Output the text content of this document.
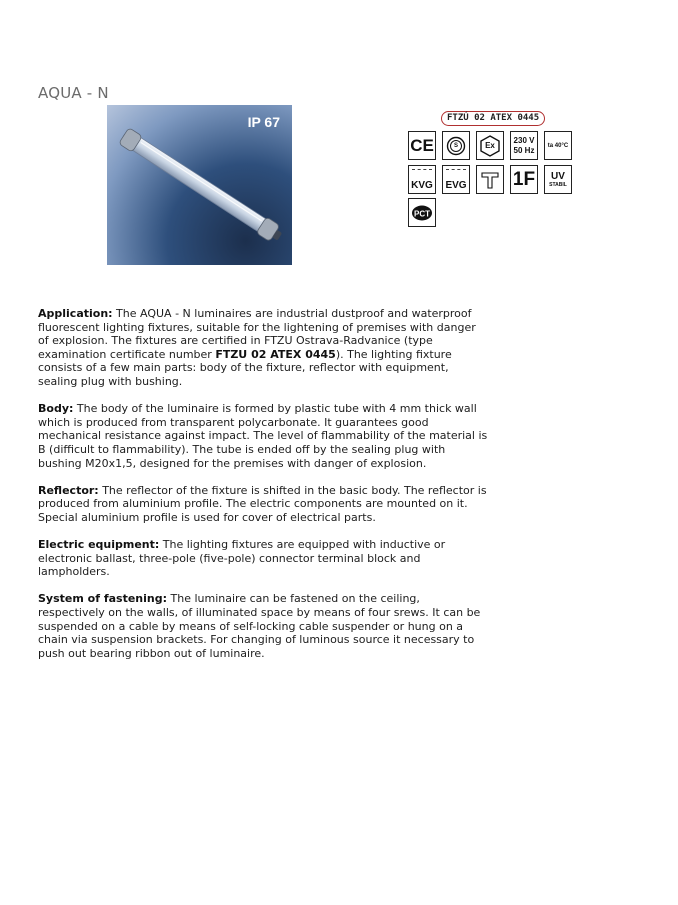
AQUA - N
IP 67	FTZÚ 02 ATEX 0445
CE	S	Ex
230 V
50 Hz ta 40°C
KVG EVG 1F UV
STABIL
PCT

Application: The AQUA - N luminaires are industrial dustproof and waterproof fluorescent lighting fixtures, suitable for the lightening of premises with danger of explosion. The fixtures are certified in FTZU Ostrava-Radvanice (type examination certificate number FTZU 02 ATEX 0445). The lighting fixture consists of a few main parts: body of the fixture, reflector with equipment, sealing plug with bushing.

Body: The body of the luminaire is formed by plastic tube with 4 mm thick wall which is produced from transparent polycarbonate. It guarantees good mechanical resistance against impact. The level of flammability of the material is B (difficult to flammability). The tube is ended off by the sealing plug with bushing M20x1,5, designed for the premises with danger of explosion.

Reflector: The reflector of the fixture is shifted in the basic body. The reflector is produced from aluminium profile. The electric components are mounted on it. Special aluminium profile is used for cover of electrical parts.

Electric equipment: The lighting fixtures are equipped with inductive or electronic ballast, three-pole (five-pole) connector terminal block and lampholders.

System of fastening: The luminaire can be fastened on the ceiling, respectively on the walls, of illuminated space by means of four srews. It can be suspended on a cable by means of self-locking cable suspender or hung on a chain via suspension brackets. For changing of luminous source it necessary to push out bearing ribbon out of luminaire.
